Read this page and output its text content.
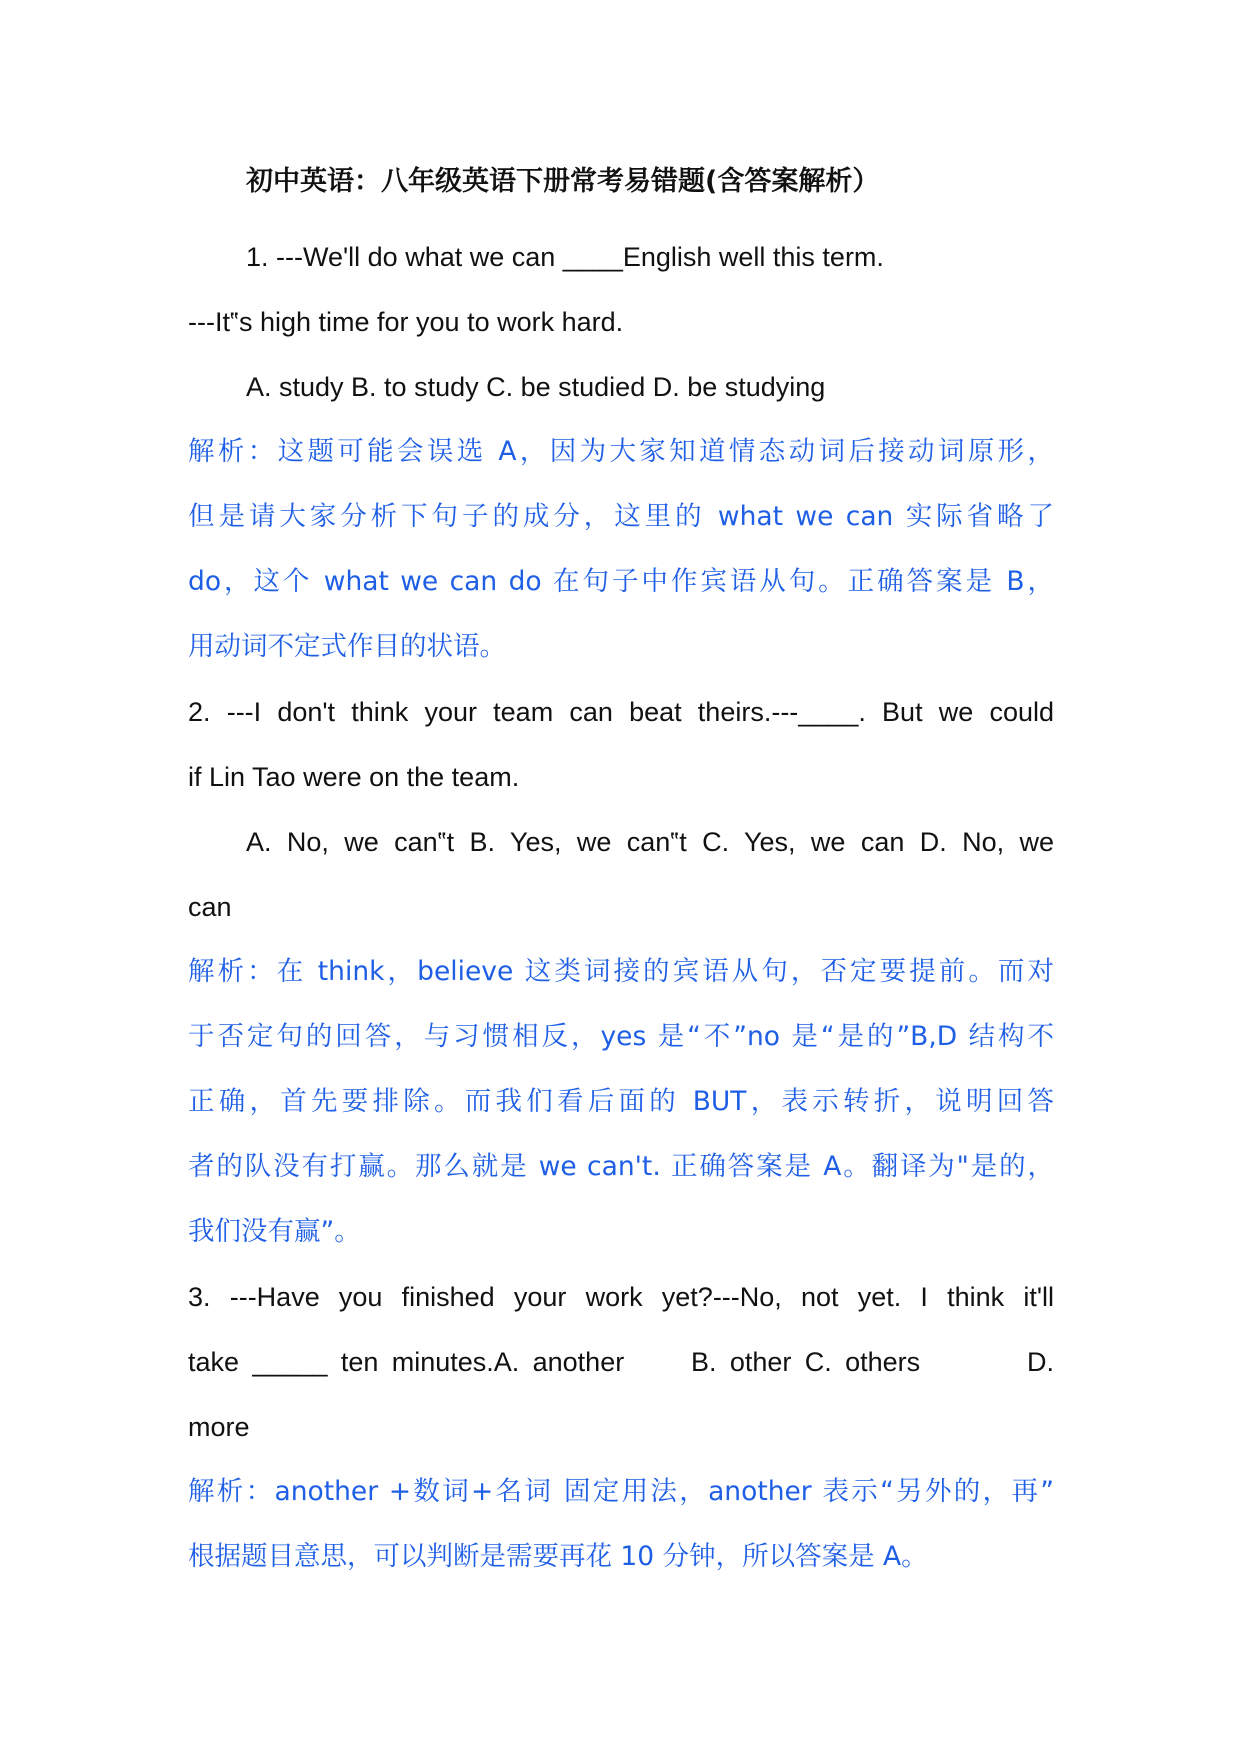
初中英语：八年级英语下册常考易错题(含答案解析）
1. ---We'll do what we can ____English well this term.
---It‟s high time for you to work hard.
A. study B. to study C. be studied D. be studying
解析：这题可能会误选 A，因为大家知道情态动词后接动词原形，
但是请大家分析下句子的成分，这里的 what we can 实际省略了
do，这个 what we can do 在句子中作宾语从句。正确答案是 B，
用动词不定式作目的状语。
2. ---I don't think your team can beat theirs.---____. But we could
if Lin Tao were on the team.
A. No, we can‟t B. Yes, we can‟t C. Yes, we can D. No, we
can
解析：在 think，believe 这类词接的宾语从句，否定要提前。而对
于否定句的回答，与习惯相反，yes 是“不”no 是“是的”B,D 结构不
正确，首先要排除。而我们看后面的 BUT，表示转折，说明回答
者的队没有打赢。那么就是 we can't. 正确答案是 A。翻译为"是的，
我们没有赢”。
3. ---Have you finished your work yet?---No, not yet. I think it'll
take _____ ten minutes.A. another     B. other C. others        D.
more
解析：another +数词+名词 固定用法，another 表示“另外的，再”
根据题目意思，可以判断是需要再花 10 分钟，所以答案是 A。
